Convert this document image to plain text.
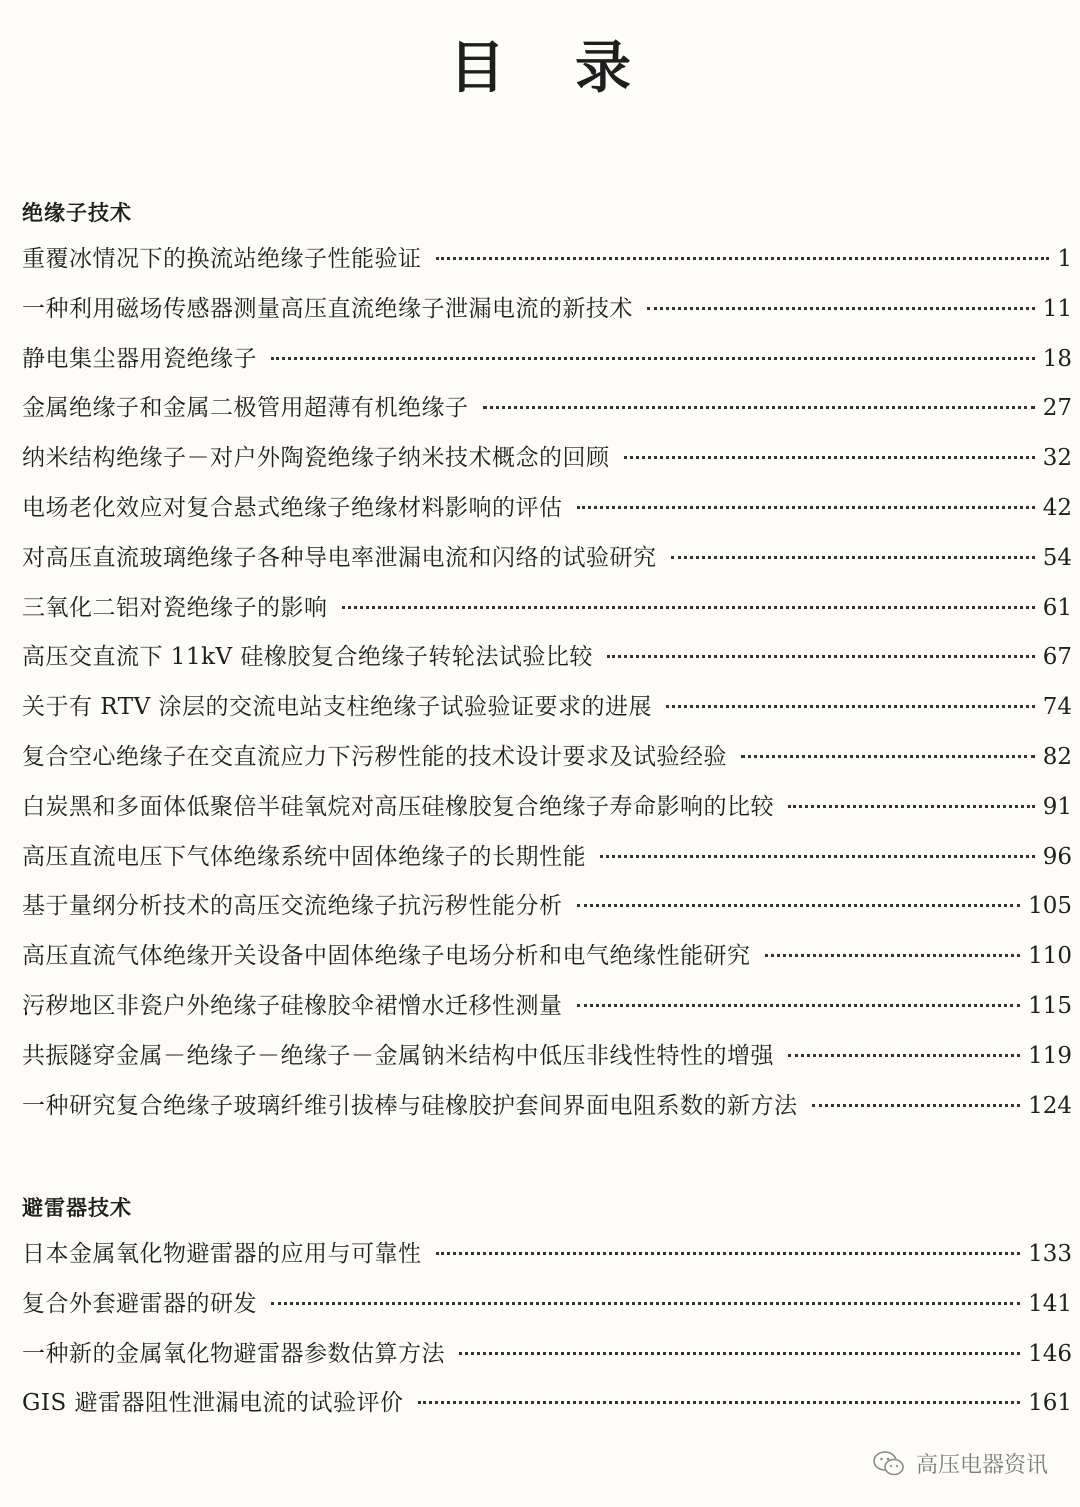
目录
绝缘子技术
重覆冰情况下的换流站绝缘子性能验证	1
一种利用磁场传感器测量高压直流绝缘子泄漏电流的新技术	11
静电集尘器用瓷绝缘子	18
金属绝缘子和金属二极管用超薄有机绝缘子	27
纳米结构绝缘子－对户外陶瓷绝缘子纳米技术概念的回顾	32
电场老化效应对复合悬式绝缘子绝缘材料影响的评估	42
对高压直流玻璃绝缘子各种导电率泄漏电流和闪络的试验研究	54
三氧化二铝对瓷绝缘子的影响	61
高压交直流下 11kV 硅橡胶复合绝缘子转轮法试验比较	67
关于有 RTV 涂层的交流电站支柱绝缘子试验验证要求的进展	74
复合空心绝缘子在交直流应力下污秽性能的技术设计要求及试验经验	82
白炭黑和多面体低聚倍半硅氧烷对高压硅橡胶复合绝缘子寿命影响的比较	91
高压直流电压下气体绝缘系统中固体绝缘子的长期性能	96
基于量纲分析技术的高压交流绝缘子抗污秽性能分析	105
高压直流气体绝缘开关设备中固体绝缘子电场分析和电气绝缘性能研究	110
污秽地区非瓷户外绝缘子硅橡胶伞裙憎水迁移性测量	115
共振隧穿金属－绝缘子－绝缘子－金属钠米结构中低压非线性特性的增强	119
一种研究复合绝缘子玻璃纤维引拔棒与硅橡胶护套间界面电阻系数的新方法	124
避雷器技术
日本金属氧化物避雷器的应用与可靠性	133
复合外套避雷器的研发	141
一种新的金属氧化物避雷器参数估算方法	146
GIS 避雷器阻性泄漏电流的试验评价	161
高压电器资讯
